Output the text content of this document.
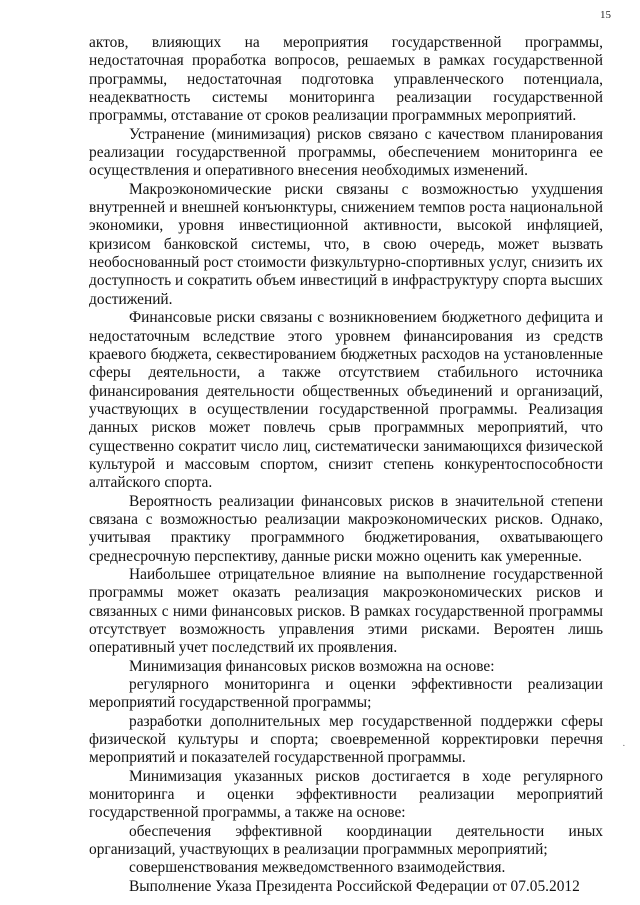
15

актов, влияющих на мероприятия государственной программы, недостаточная проработка вопросов, решаемых в рамках государственной программы, недостаточная подготовка управленческого потенциала, неадекватность системы мониторинга реализации государственной программы, отставание от сроков реализации программных мероприятий.

Устранение (минимизация) рисков связано с качеством планирования реализации государственной программы, обеспечением мониторинга ее осуществления и оперативного внесения необходимых изменений.

Макроэкономические риски связаны с возможностью ухудшения внутренней и внешней конъюнктуры, снижением темпов роста национальной экономики, уровня инвестиционной активности, высокой инфляцией, кризисом банковской системы, что, в свою очередь, может вызвать необоснованный рост стоимости физкультурно-спортивных услуг, снизить их доступность и сократить объем инвестиций в инфраструктуру спорта высших достижений.

Финансовые риски связаны с возникновением бюджетного дефицита и недостаточным вследствие этого уровнем финансирования из средств краевого бюджета, секвестированием бюджетных расходов на установленные сферы деятельности, а также отсутствием стабильного источника финансирования деятельности общественных объединений и организаций, участвующих в осуществлении государственной программы. Реализация данных рисков может повлечь срыв программных мероприятий, что существенно сократит число лиц, систематически занимающихся физической культурой и массовым спортом, снизит степень конкурентоспособности алтайского спорта.

Вероятность реализации финансовых рисков в значительной степени связана с возможностью реализации макроэкономических рисков. Однако, учитывая практику программного бюджетирования, охватывающего среднесрочную перспективу, данные риски можно оценить как умеренные.

Наибольшее отрицательное влияние на выполнение государственной программы может оказать реализация макроэкономических рисков и связанных с ними финансовых рисков. В рамках государственной программы отсутствует возможность управления этими рисками. Вероятен лишь оперативный учет последствий их проявления.

Минимизация финансовых рисков возможна на основе:

регулярного мониторинга и оценки эффективности реализации мероприятий государственной программы;

разработки дополнительных мер государственной поддержки сферы физической культуры и спорта; своевременной корректировки перечня мероприятий и показателей государственной программы.

Минимизация указанных рисков достигается в ходе регулярного мониторинга и оценки эффективности реализации мероприятий государственной программы, а также на основе:

обеспечения эффективной координации деятельности иных организаций, участвующих в реализации программных мероприятий;

совершенствования межведомственного взаимодействия.

Выполнение Указа Президента Российской Федерации от 07.05.2012

·
